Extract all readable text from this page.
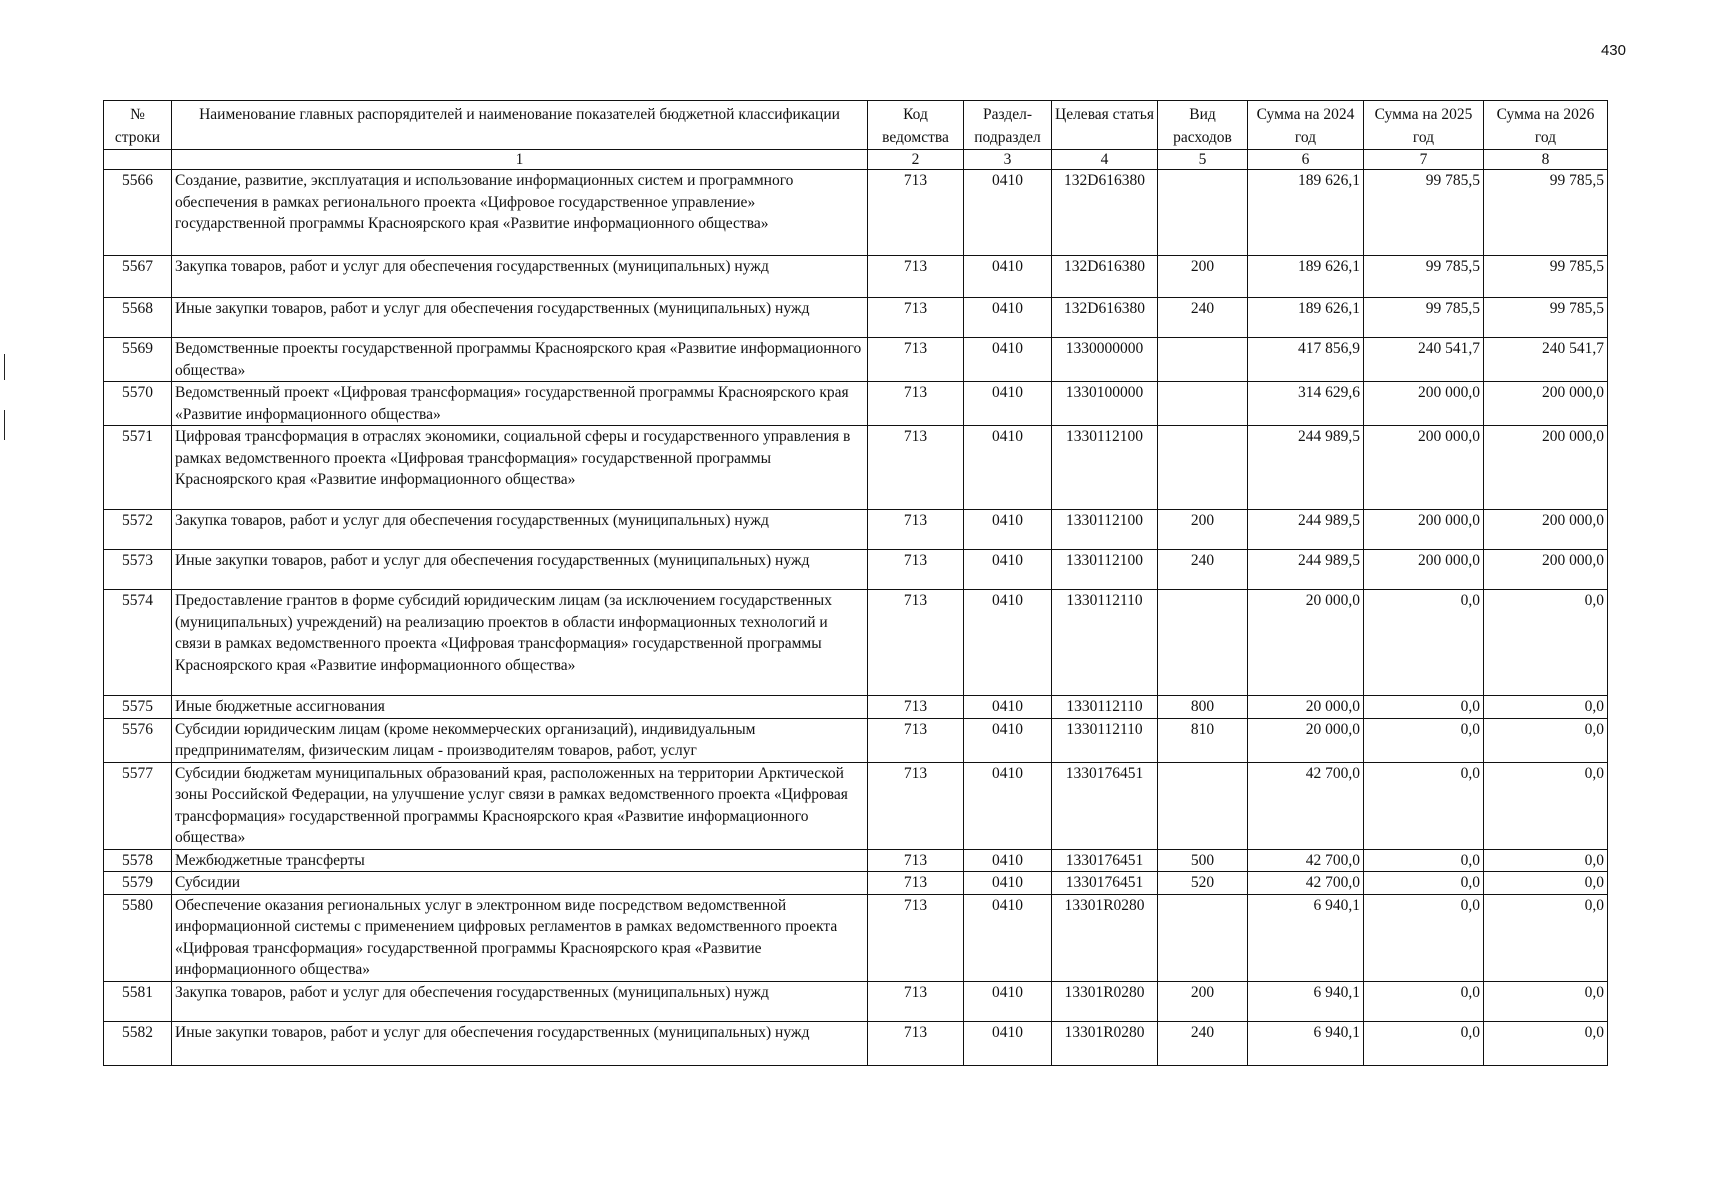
430
№ строки	Наименование главных распорядителей и наименование показателей бюджетной классификации	Код ведомства	Раздел-подраздел	Целевая статья	Вид расходов	Сумма на 2024 год	Сумма на 2025 год	Сумма на 2026 год
	1	2	3	4	5	6	7	8
5566	Создание, развитие, эксплуатация и использование информационных систем и программного обеспечения в рамках регионального проекта «Цифровое государственное управление» государственной программы Красноярского края «Развитие информационного общества»	713	0410	132D616380		189 626,1	99 785,5	99 785,5
5567	Закупка товаров, работ и услуг для обеспечения государственных (муниципальных) нужд	713	0410	132D616380	200	189 626,1	99 785,5	99 785,5
5568	Иные закупки товаров, работ и услуг для обеспечения государственных (муниципальных) нужд	713	0410	132D616380	240	189 626,1	99 785,5	99 785,5
5569	Ведомственные проекты государственной программы Красноярского края «Развитие информационного общества»	713	0410	1330000000		417 856,9	240 541,7	240 541,7
5570	Ведомственный проект «Цифровая трансформация» государственной программы Красноярского края «Развитие информационного общества»	713	0410	1330100000		314 629,6	200 000,0	200 000,0
5571	Цифровая трансформация в отраслях экономики, социальной сферы и государственного управления в рамках ведомственного проекта «Цифровая трансформация» государственной программы Красноярского края «Развитие информационного общества»	713	0410	1330112100		244 989,5	200 000,0	200 000,0
5572	Закупка товаров, работ и услуг для обеспечения государственных (муниципальных) нужд	713	0410	1330112100	200	244 989,5	200 000,0	200 000,0
5573	Иные закупки товаров, работ и услуг для обеспечения государственных (муниципальных) нужд	713	0410	1330112100	240	244 989,5	200 000,0	200 000,0
5574	Предоставление грантов в форме субсидий юридическим лицам (за исключением государственных (муниципальных) учреждений) на реализацию проектов в области информационных технологий и связи в рамках ведомственного проекта «Цифровая трансформация» государственной программы Красноярского края «Развитие информационного общества»	713	0410	1330112110		20 000,0	0,0	0,0
5575	Иные бюджетные ассигнования	713	0410	1330112110	800	20 000,0	0,0	0,0
5576	Субсидии юридическим лицам (кроме некоммерческих организаций), индивидуальным предпринимателям, физическим лицам - производителям товаров, работ, услуг	713	0410	1330112110	810	20 000,0	0,0	0,0
5577	Субсидии бюджетам муниципальных образований края, расположенных на территории Арктической зоны Российской Федерации, на улучшение услуг связи в рамках ведомственного проекта «Цифровая трансформация» государственной программы Красноярского края «Развитие информационного общества»	713	0410	1330176451		42 700,0	0,0	0,0
5578	Межбюджетные трансферты	713	0410	1330176451	500	42 700,0	0,0	0,0
5579	Субсидии	713	0410	1330176451	520	42 700,0	0,0	0,0
5580	Обеспечение оказания региональных услуг в электронном виде посредством ведомственной информационной системы с применением цифровых регламентов в рамках ведомственного проекта «Цифровая трансформация» государственной программы Красноярского края «Развитие информационного общества»	713	0410	13301R0280		6 940,1	0,0	0,0
5581	Закупка товаров, работ и услуг для обеспечения государственных (муниципальных) нужд	713	0410	13301R0280	200	6 940,1	0,0	0,0
5582	Иные закупки товаров, работ и услуг для обеспечения государственных (муниципальных) нужд	713	0410	13301R0280	240	6 940,1	0,0	0,0
